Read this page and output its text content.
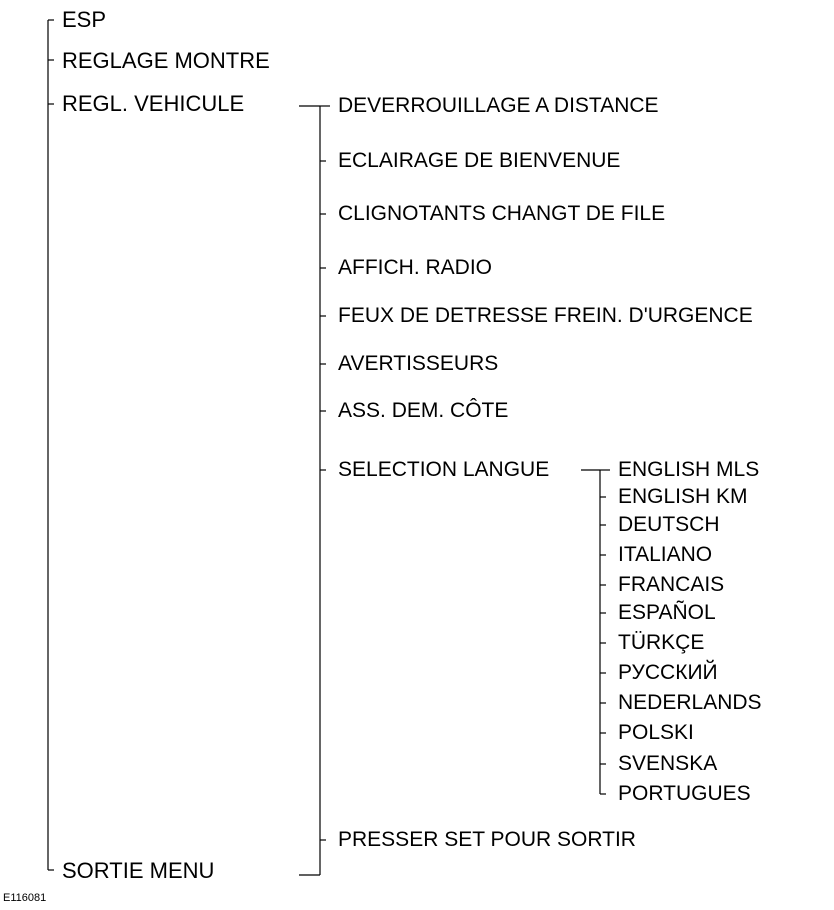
ESP
REGLAGE MONTRE
REGL. VEHICULE
SORTIE MENU
DEVERROUILLAGE A DISTANCE
ECLAIRAGE DE BIENVENUE
CLIGNOTANTS CHANGT DE FILE
AFFICH. RADIO
FEUX DE DETRESSE FREIN. D'URGENCE
AVERTISSEURS
ASS. DEM. CÔTE
SELECTION LANGUE
PRESSER SET POUR SORTIR
ENGLISH MLS
ENGLISH KM
DEUTSCH
ITALIANO
FRANCAIS
ESPAÑOL
TÜRKÇE
РУССКИЙ
NEDERLANDS
POLSKI
SVENSKA
PORTUGUES
E116081
